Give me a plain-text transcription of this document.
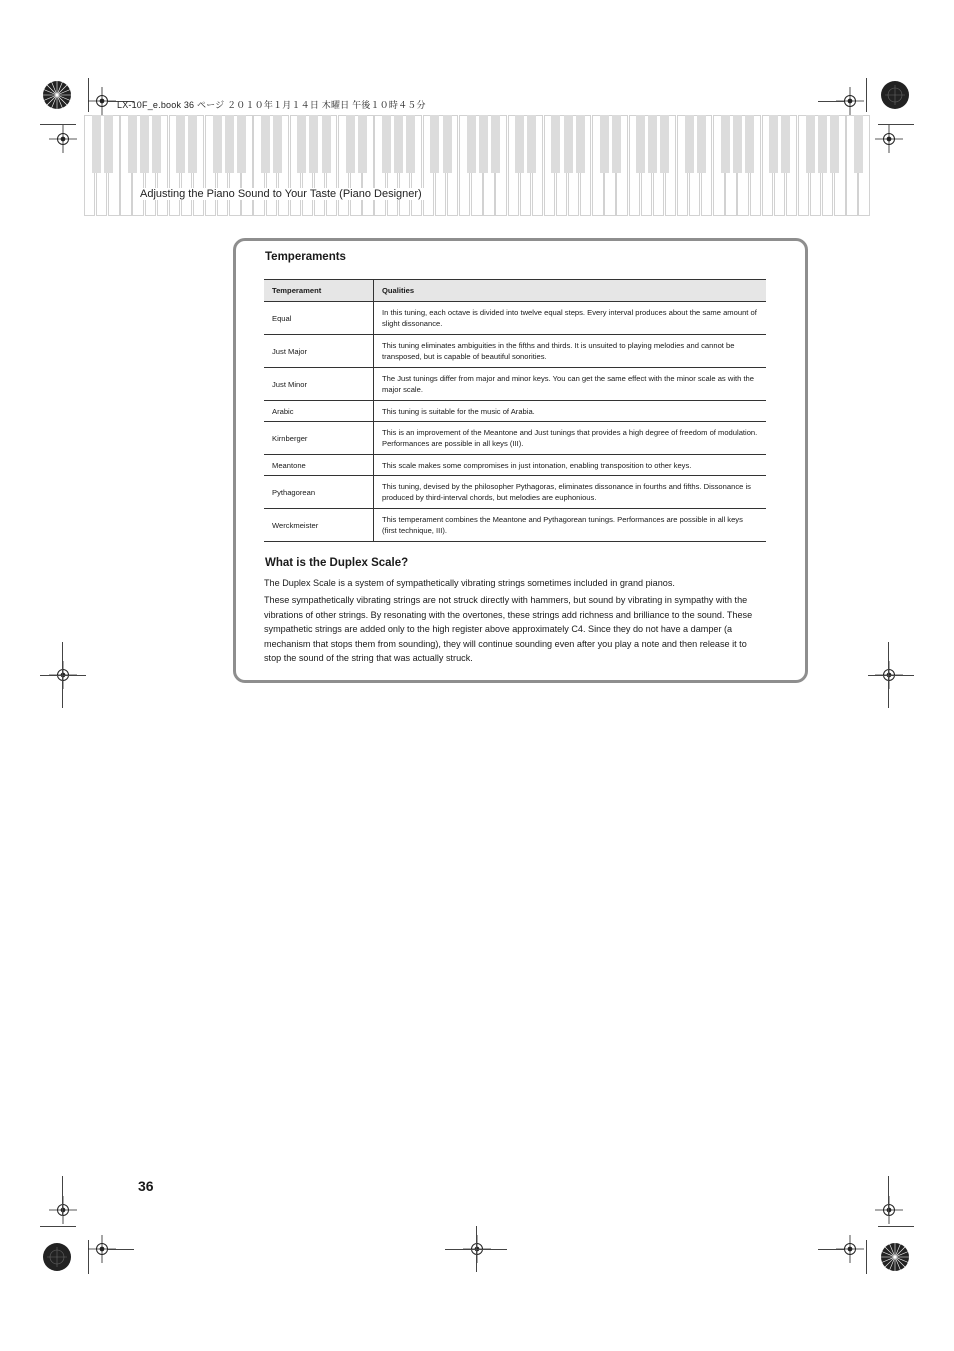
LX-10F_e.book 36 ページ ２０１０年１月１４日 木曜日 午後１０時４５分
Adjusting the Piano Sound to Your Taste (Piano Designer)
Temperaments
Temperament	Qualities
Equal	In this tuning, each octave is divided into twelve equal steps. Every interval produces about the same amount of slight dissonance.
Just Major	This tuning eliminates ambiguities in the fifths and thirds. It is unsuited to playing melodies and cannot be transposed, but is capable of beautiful sonorities.
Just Minor	The Just tunings differ from major and minor keys. You can get the same effect with the minor scale as with the major scale.
Arabic	This tuning is suitable for the music of Arabia.
Kirnberger	This is an improvement of the Meantone and Just tunings that provides a high degree of freedom of modulation. Performances are possible in all keys (III).
Meantone	This scale makes some compromises in just intonation, enabling transposition to other keys.
Pythagorean	This tuning, devised by the philosopher Pythagoras, eliminates dissonance in fourths and fifths. Dissonance is produced by third-interval chords, but melodies are euphonious.
Werckmeister	This temperament combines the Meantone and Pythagorean tunings. Performances are possible in all keys (first technique, III).
What is the Duplex Scale?
The Duplex Scale is a system of sympathetically vibrating strings sometimes included in grand pianos.
These sympathetically vibrating strings are not struck directly with hammers, but sound by vibrating in sympathy with the vibrations of other strings. By resonating with the overtones, these strings add richness and brilliance to the sound. These sympathetic strings are added only to the high register above approximately C4. Since they do not have a damper (a mechanism that stops them from sounding), they will continue sounding even after you play a note and then release it to stop the sound of the string that was actually struck.
36
